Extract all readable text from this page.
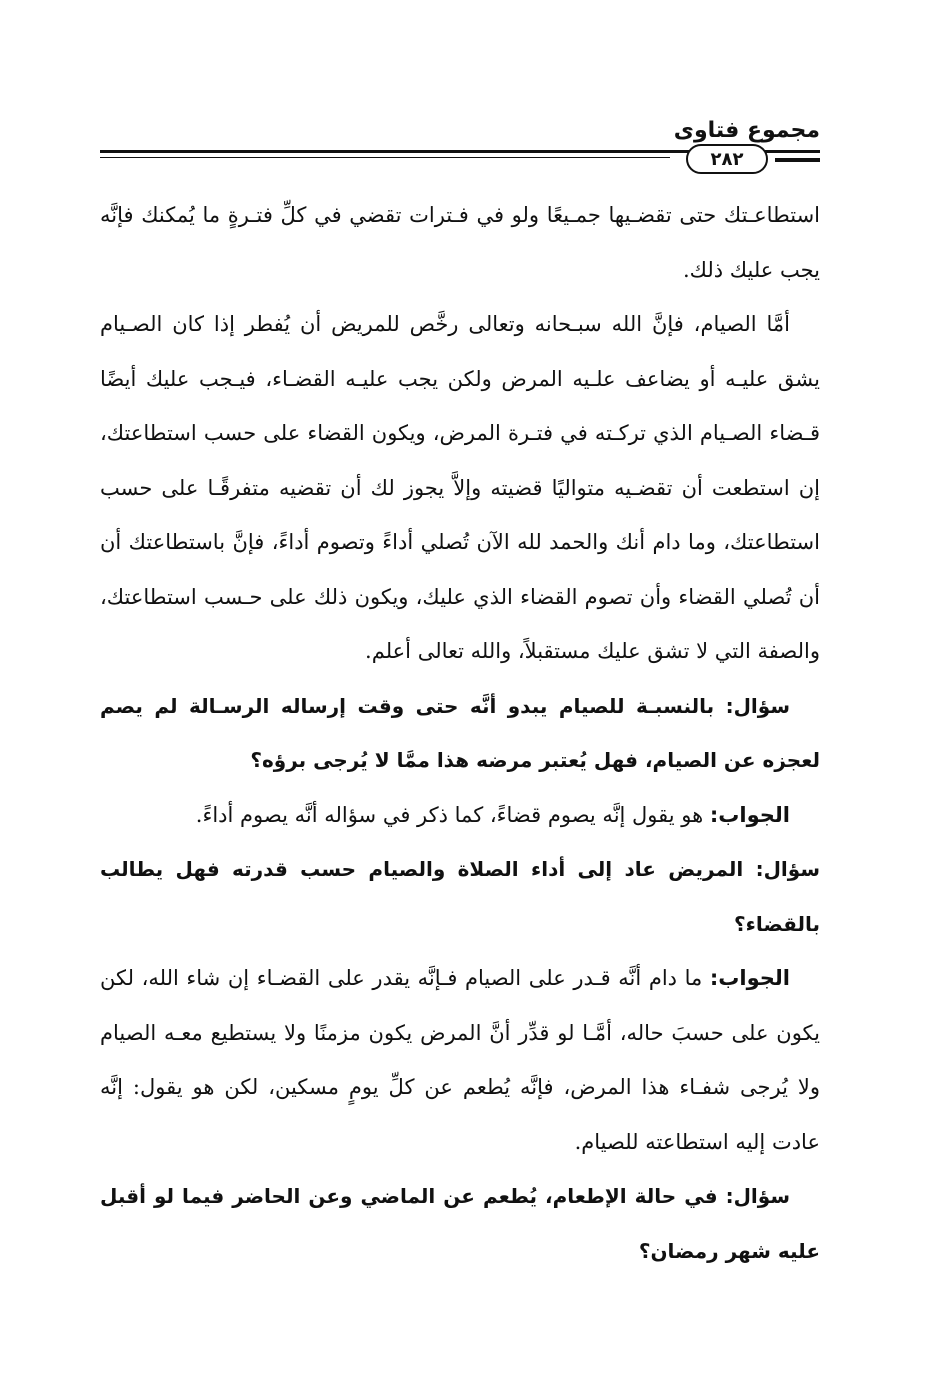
مجموع فتاوى
٢٨٢

استطاعـتك حتى تقضـيها جمـيعًا ولو في فـترات تقضي في كلِّ فتـرةٍ ما يُمكنك فإنَّه يجب عليك ذلك.

أمَّا الصيام، فإنَّ الله سبـحانه وتعالى رخَّص للمريض أن يُفطر إذا كان الصـيام يشق عليـه أو يضاعف علـيه المرض ولكن يجب عليـه القضـاء، فيـجب عليك أيضًا قـضاء الصـيام الذي تركـته في فتـرة المرض، ويكون القضاء على حسب استطاعتك، إن استطعت أن تقضـيه متواليًا قضيته وإلاَّ يجوز لك أن تقضيه متفرقًـا على حسب استطاعتك، وما دام أنك والحمد لله الآن تُصلي أداءً وتصوم أداءً، فإنَّ باستطاعتك أن أن تُصلي القضاء وأن تصوم القضاء الذي عليك، ويكون ذلك على حـسب استطاعتك، والصفة التي لا تشق عليك مستقبلاً، والله تعالى أعلم.

سؤال: بالنسبـة للصيام يبدو أنَّه حتى وقت إرساله الرسـالة لم يصم لعجزه عن الصيام، فهل يُعتبر مرضه هذا ممَّا لا يُرجى برؤه؟

الجواب: هو يقول إنَّه يصوم قضاءً، كما ذكر في سؤاله أنَّه يصوم أداءً.

سؤال: المريض عاد إلى أداء الصلاة والصيام حسب قدرته فهل يطالب بالقضاء؟

الجواب: ما دام أنَّه قـدر على الصيام فـإنَّه يقدر على القضـاء إن شاء الله، لكن يكون على حسبَ حاله، أمَّـا لو قدِّر أنَّ المرض يكون مزمنًا ولا يستطيع معـه الصيام ولا يُرجى شفـاء هذا المرض، فإنَّه يُطعم عن كلِّ يومٍ مسكين، لكن هو يقول: إنَّه عادت إليه استطاعته للصيام.

سؤال: في حالة الإطعام، يُطعم عن الماضي وعن الحاضر فيما لو أقبل عليه شهر رمضان؟
